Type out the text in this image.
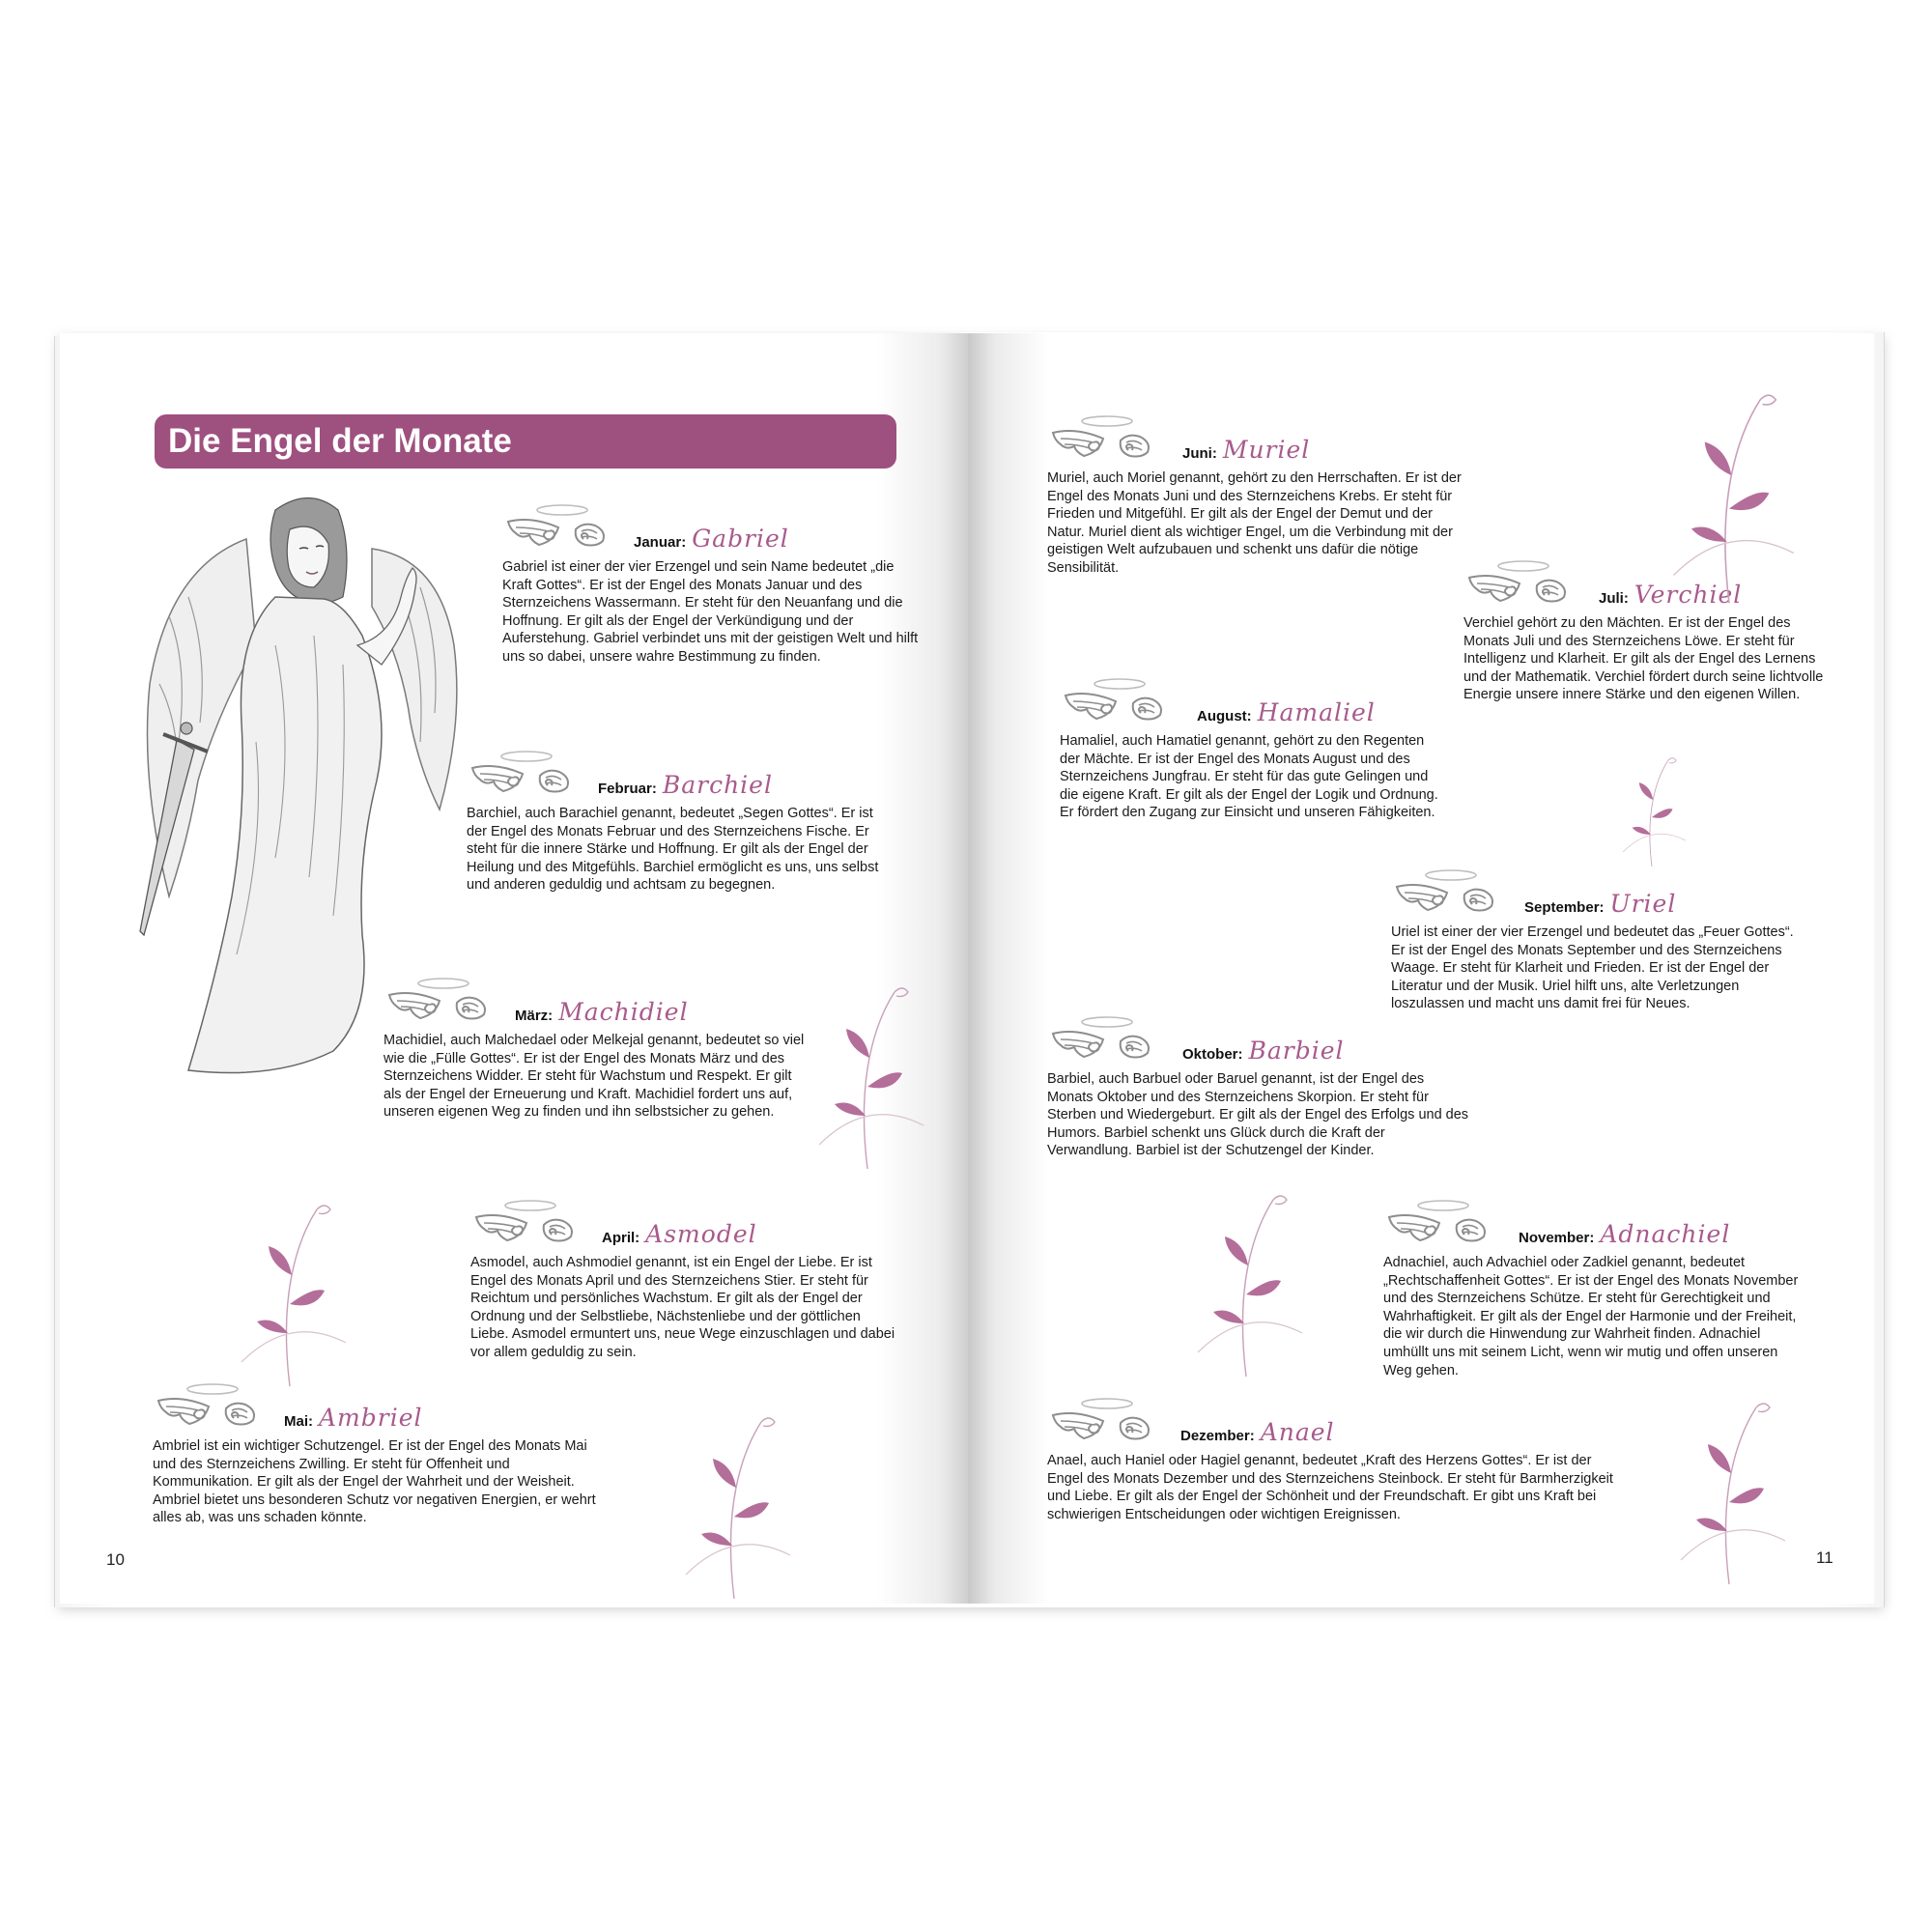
Die Engel der Monate
Januar: Gabriel
Gabriel ist einer der vier Erzengel und sein Name bedeutet „die Kraft Gottes“. Er ist der Engel des Monats Januar und des Sternzeichens Wassermann. Er steht für den Neuanfang und die Hoffnung. Er gilt als der Engel der Verkündigung und der Auferstehung. Gabriel verbindet uns mit der geistigen Welt und hilft uns so dabei, unsere wahre Bestimmung zu finden.
Februar: Barchiel
Barchiel, auch Barachiel genannt, bedeutet „Segen Gottes“. Er ist der Engel des Monats Februar und des Sternzeichens Fische. Er steht für die innere Stärke und Hoffnung. Er gilt als der Engel der Heilung und des Mitgefühls. Barchiel ermöglicht es uns, uns selbst und anderen geduldig und achtsam zu begegnen.
März: Machidiel
Machidiel, auch Malchedael oder Melkejal genannt, bedeutet so viel wie die „Fülle Gottes“. Er ist der Engel des Monats März und des Sternzeichens Widder. Er steht für Wachstum und Respekt. Er gilt als der Engel der Erneuerung und Kraft. Machidiel fordert uns auf, unseren eigenen Weg zu finden und ihn selbstsicher zu gehen.
April: Asmodel
Asmodel, auch Ashmodiel genannt, ist ein Engel der Liebe. Er ist Engel des Monats April und des Sternzeichens Stier. Er steht für Reichtum und persönliches Wachstum. Er gilt als der Engel der Ordnung und der Selbstliebe, Nächstenliebe und der göttlichen Liebe. Asmodel ermuntert uns, neue Wege einzuschlagen und dabei vor allem geduldig zu sein.
Mai: Ambriel
Ambriel ist ein wichtiger Schutzengel. Er ist der Engel des Monats Mai und des Sternzeichens Zwilling. Er steht für Offenheit und Kommunikation. Er gilt als der Engel der Wahrheit und der Weisheit. Ambriel bietet uns besonderen Schutz vor negativen Energien, er wehrt alles ab, was uns schaden könnte.
Juni: Muriel
Muriel, auch Moriel genannt, gehört zu den Herrschaften. Er ist der Engel des Monats Juni und des Sternzeichens Krebs. Er steht für Frieden und Mitgefühl. Er gilt als der Engel der Demut und der Natur. Muriel dient als wichtiger Engel, um die Verbindung mit der geistigen Welt aufzubauen und schenkt uns dafür die nötige Sensibilität.
Juli: Verchiel
Verchiel gehört zu den Mächten. Er ist der Engel des Monats Juli und des Sternzeichens Löwe. Er steht für Intelligenz und Klarheit. Er gilt als der Engel des Lernens und der Mathematik. Verchiel fördert durch seine lichtvolle Energie unsere innere Stärke und den eigenen Willen.
August: Hamaliel
Hamaliel, auch Hamatiel genannt, gehört zu den Regenten der Mächte. Er ist der Engel des Monats August und des Sternzeichens Jungfrau. Er steht für das gute Gelingen und die eigene Kraft. Er gilt als der Engel der Logik und Ordnung. Er fördert den Zugang zur Einsicht und unseren Fähigkeiten.
September: Uriel
Uriel ist einer der vier Erzengel und bedeutet das „Feuer Gottes“. Er ist der Engel des Monats September und des Sternzeichens Waage. Er steht für Klarheit und Frieden. Er ist der Engel der Literatur und der Musik. Uriel hilft uns, alte Verletzungen loszulassen und macht uns damit frei für Neues.
Oktober: Barbiel
Barbiel, auch Barbuel oder Baruel genannt, ist der Engel des Monats Oktober und des Sternzeichens Skorpion. Er steht für Sterben und Wiedergeburt. Er gilt als der Engel des Erfolgs und des Humors. Barbiel schenkt uns Glück durch die Kraft der Verwandlung. Barbiel ist der Schutzengel der Kinder.
November: Adnachiel
Adnachiel, auch Advachiel oder Zadkiel genannt, bedeutet „Rechtschaffenheit Gottes“. Er ist der Engel des Monats November und des Sternzeichens Schütze. Er steht für Gerechtigkeit und Wahrhaftigkeit. Er gilt als der Engel der Harmonie und der Freiheit, die wir durch die Hinwendung zur Wahrheit finden. Adnachiel umhüllt uns mit seinem Licht, wenn wir mutig und offen unseren Weg gehen.
Dezember: Anael
Anael, auch Haniel oder Hagiel genannt, bedeutet „Kraft des Herzens Gottes“. Er ist der Engel des Monats Dezember und des Sternzeichens Steinbock. Er steht für Barmherzigkeit und Liebe. Er gilt als der Engel der Schönheit und der Freundschaft. Er gibt uns Kraft bei schwierigen Entscheidungen oder wichtigen Ereignissen.
10	11
